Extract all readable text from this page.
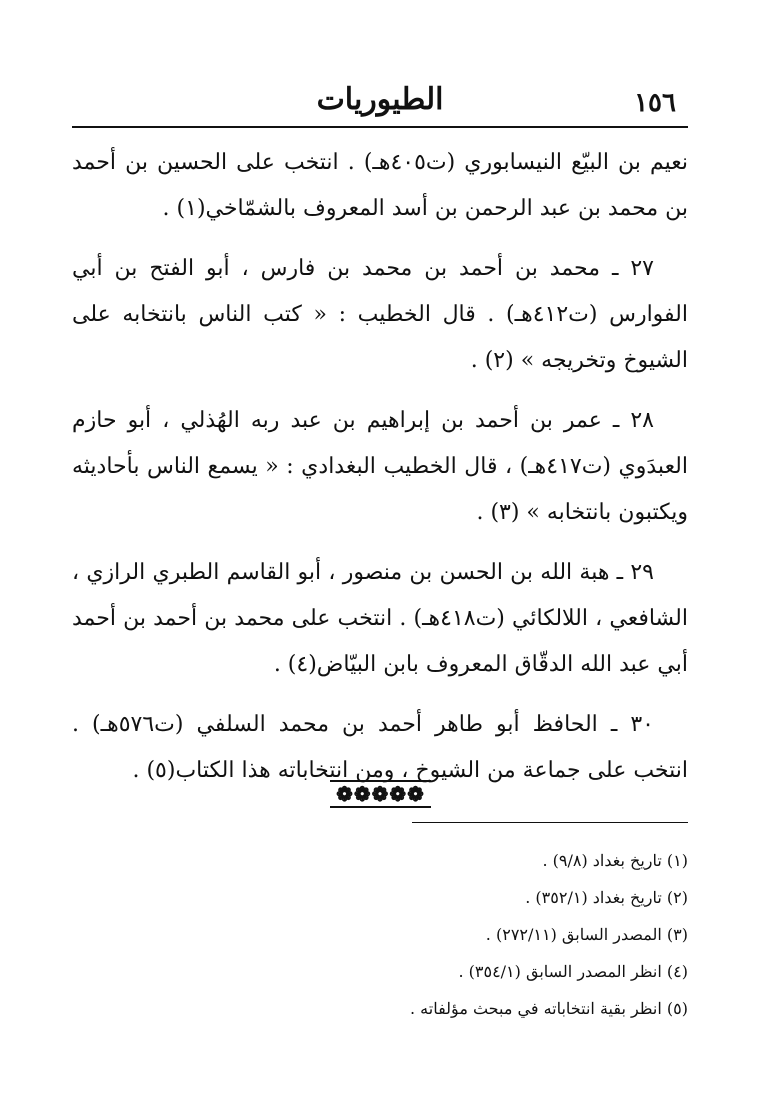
١٥٦
الطيوريات

نعيم بن البيّع النيسابوري (ت٤٠٥هـ) . انتخب على الحسين بن أحمد بن محمد بن عبد الرحمن بن أسد المعروف بالشمّاخي(١) .

٢٧ ـ محمد بن أحمد بن محمد بن فارس ، أبو الفتح بن أبي الفوارس (ت٤١٢هـ) . قال الخطيب : « كتب الناس بانتخابه على الشيوخ وتخريجه » (٢) .

٢٨ ـ عمر بن أحمد بن إبراهيم بن عبد ربه الهُذلي ، أبو حازم العبدَوي (ت٤١٧هـ) ، قال الخطيب البغدادي : « يسمع الناس بأحاديثه ويكتبون بانتخابه » (٣) .

٢٩ ـ هبة الله بن الحسن بن منصور ، أبو القاسم الطبري الرازي ، الشافعي ، اللالكائي (ت٤١٨هـ) . انتخب على محمد بن أحمد بن أحمد أبي عبد الله الدقّاق المعروف بابن البيّاض(٤) .

٣٠ ـ الحافظ أبو طاهر أحمد بن محمد السلفي (ت٥٧٦هـ) . انتخب على جماعة من الشيوخ ، ومن انتخاباته هذا الكتاب(٥) .

❁❁❁❁❁

(١) تاريخ بغداد (٩/٨) .

(٢) تاريخ بغداد (٣٥٢/١) .

(٣) المصدر السابق (٢٧٢/١١) .

(٤) انظر المصدر السابق (٣٥٤/١) .

(٥) انظر بقية انتخاباته في مبحث مؤلفاته .
